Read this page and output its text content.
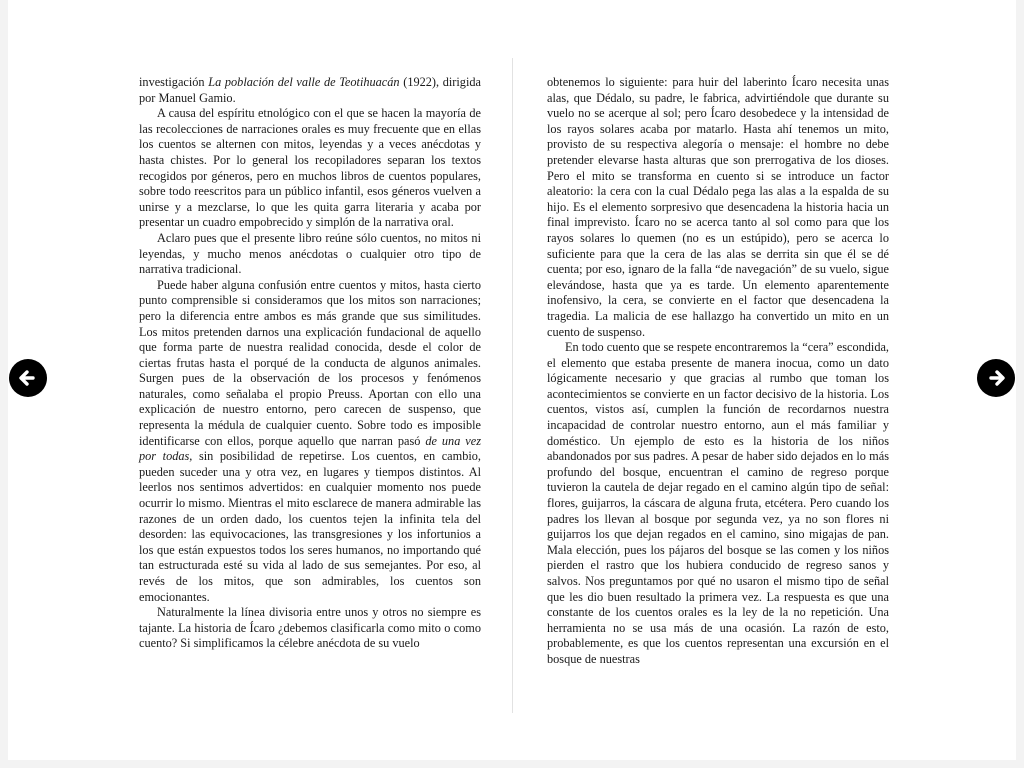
investigación La población del valle de Teotihuacán (1922), dirigida por Manuel Gamio.

A causa del espíritu etnológico con el que se hacen la mayoría de las recolecciones de narraciones orales es muy frecuente que en ellas los cuentos se alternen con mitos, leyendas y a veces anécdotas y hasta chistes. Por lo general los recopiladores separan los textos recogidos por géneros, pero en muchos libros de cuentos populares, sobre todo reescritos para un público infantil, esos géneros vuelven a unirse y a mezclarse, lo que les quita garra literaria y acaba por presentar un cuadro empobrecido y simplón de la narrativa oral.

Aclaro pues que el presente libro reúne sólo cuentos, no mitos ni leyendas, y mucho menos anécdotas o cualquier otro tipo de narrativa tradicional.

Puede haber alguna confusión entre cuentos y mitos, hasta cierto punto comprensible si consideramos que los mitos son narraciones; pero la diferencia entre ambos es más grande que sus similitudes. Los mitos pretenden darnos una explicación fundacional de aquello que forma parte de nuestra realidad conocida, desde el color de ciertas frutas hasta el porqué de la conducta de algunos animales. Surgen pues de la observación de los procesos y fenómenos naturales, como señalaba el propio Preuss. Aportan con ello una explicación de nuestro entorno, pero carecen de suspenso, que representa la médula de cualquier cuento. Sobre todo es imposible identificarse con ellos, porque aquello que narran pasó de una vez por todas, sin posibilidad de repetirse. Los cuentos, en cambio, pueden suceder una y otra vez, en lugares y tiempos distintos. Al leerlos nos sentimos advertidos: en cualquier momento nos puede ocurrir lo mismo. Mientras el mito esclarece de manera admirable las razones de un orden dado, los cuentos tejen la infinita tela del desorden: las equivocaciones, las transgresiones y los infortunios a los que están expuestos todos los seres humanos, no importando qué tan estructurada esté su vida al lado de sus semejantes. Por eso, al revés de los mitos, que son admirables, los cuentos son emocionantes.

Naturalmente la línea divisoria entre unos y otros no siempre es tajante. La historia de Ícaro ¿debemos clasificarla como mito o como cuento? Si simplificamos la célebre anécdota de su vuelo

obtenemos lo siguiente: para huir del laberinto Ícaro necesita unas alas, que Dédalo, su padre, le fabrica, advirtiéndole que durante su vuelo no se acerque al sol; pero Ícaro desobedece y la intensidad de los rayos solares acaba por matarlo. Hasta ahí tenemos un mito, provisto de su respectiva alegoría o mensaje: el hombre no debe pretender elevarse hasta alturas que son prerrogativa de los dioses. Pero el mito se transforma en cuento si se introduce un factor aleatorio: la cera con la cual Dédalo pega las alas a la espalda de su hijo. Es el elemento sorpresivo que desencadena la historia hacia un final imprevisto. Ícaro no se acerca tanto al sol como para que los rayos solares lo quemen (no es un estúpido), pero se acerca lo suficiente para que la cera de las alas se derrita sin que él se dé cuenta; por eso, ignaro de la falla “de navegación” de su vuelo, sigue elevándose, hasta que ya es tarde. Un elemento aparentemente inofensivo, la cera, se convierte en el factor que desencadena la tragedia. La malicia de ese hallazgo ha convertido un mito en un cuento de suspenso.

En todo cuento que se respete encontraremos la “cera” escondida, el elemento que estaba presente de manera inocua, como un dato lógicamente necesario y que gracias al rumbo que toman los acontecimientos se convierte en un factor decisivo de la historia. Los cuentos, vistos así, cumplen la función de recordarnos nuestra incapacidad de controlar nuestro entorno, aun el más familiar y doméstico. Un ejemplo de esto es la historia de los niños abandonados por sus padres. A pesar de haber sido dejados en lo más profundo del bosque, encuentran el camino de regreso porque tuvieron la cautela de dejar regado en el camino algún tipo de señal: flores, guijarros, la cáscara de alguna fruta, etcétera. Pero cuando los padres los llevan al bosque por segunda vez, ya no son flores ni guijarros los que dejan regados en el camino, sino migajas de pan. Mala elección, pues los pájaros del bosque se las comen y los niños pierden el rastro que los hubiera conducido de regreso sanos y salvos. Nos preguntamos por qué no usaron el mismo tipo de señal que les dio buen resultado la primera vez. La respuesta es que una constante de los cuentos orales es la ley de la no repetición. Una herramienta no se usa más de una ocasión. La razón de esto, probablemente, es que los cuentos representan una excursión en el bosque de nuestras
